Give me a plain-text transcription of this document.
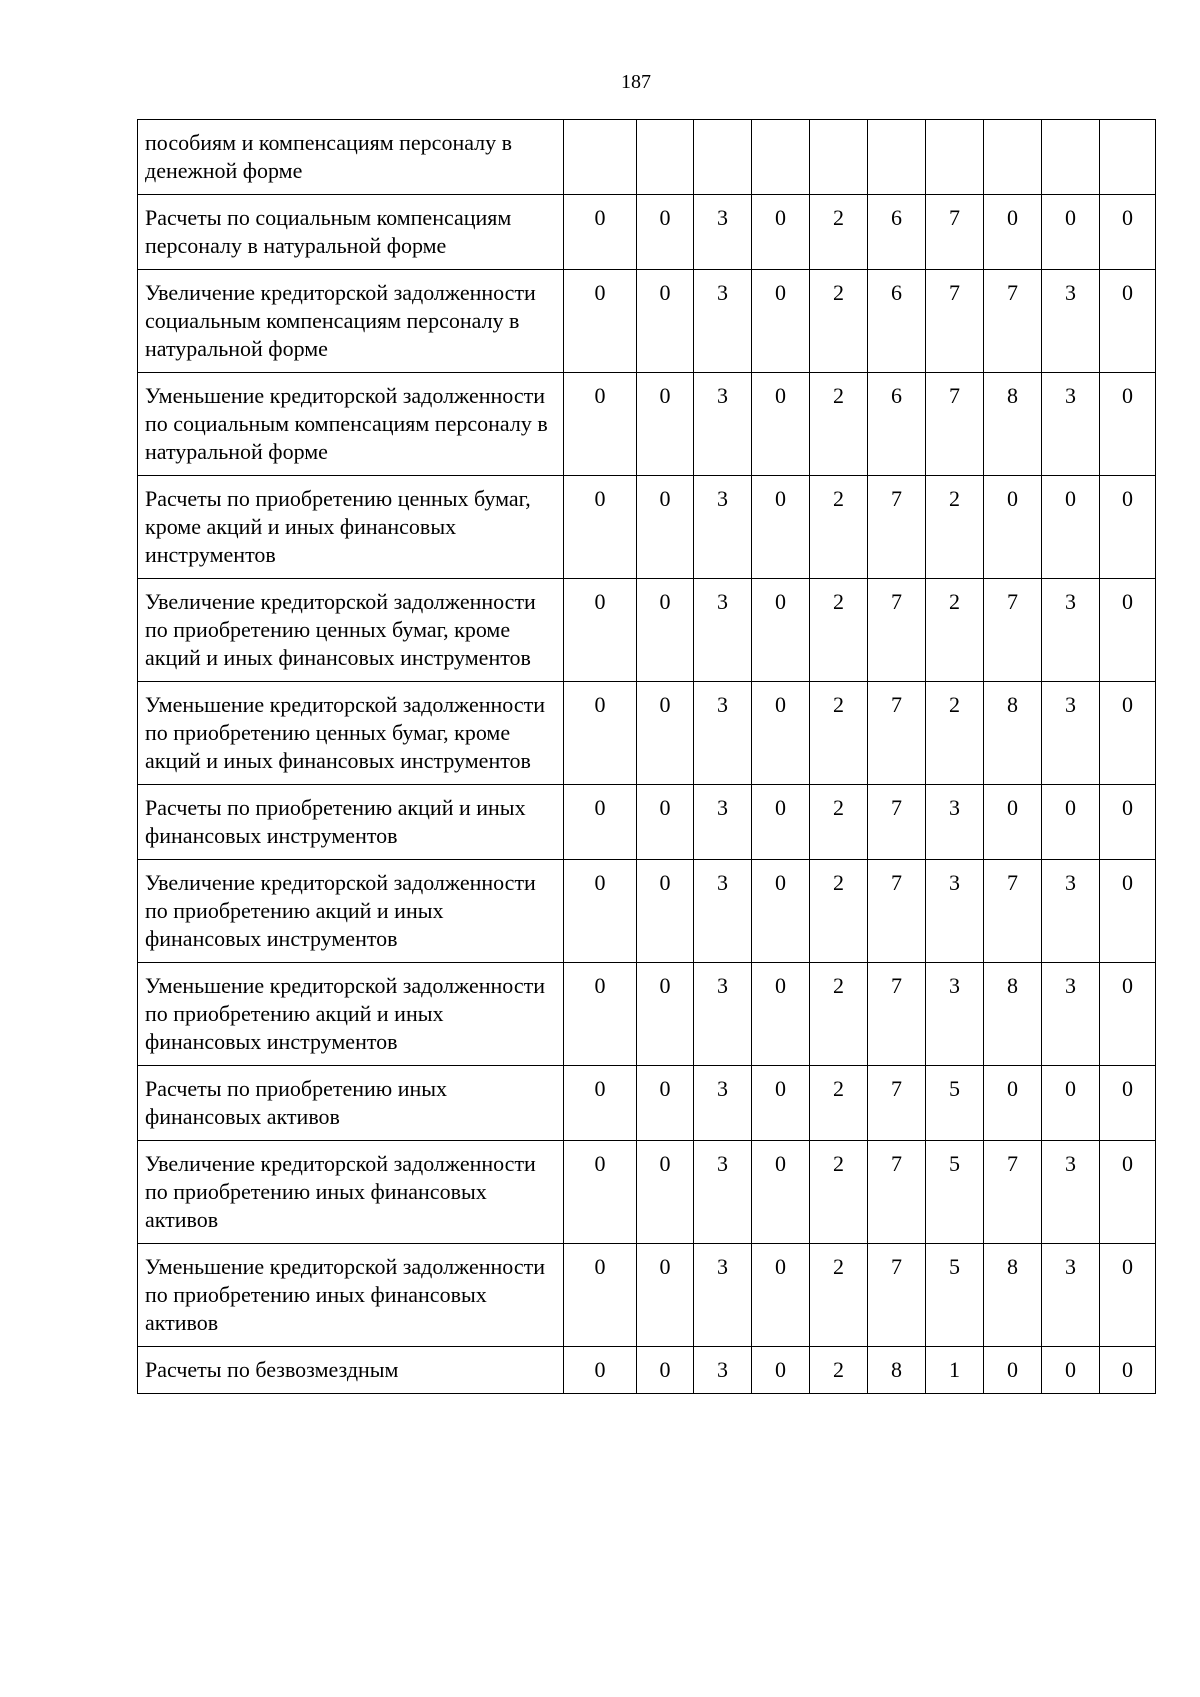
187
пособиям и компенсациям персоналу в денежной форме										
Расчеты по социальным компенсациям персоналу в натуральной форме	0	0	3	0	2	6	7	0	0	0
Увеличение кредиторской задолженности социальным компенсациям персоналу в натуральной форме	0	0	3	0	2	6	7	7	3	0
Уменьшение кредиторской задолженности по социальным компенсациям персоналу в натуральной форме	0	0	3	0	2	6	7	8	3	0
Расчеты по приобретению ценных бумаг, кроме акций и иных финансовых инструментов	0	0	3	0	2	7	2	0	0	0
Увеличение кредиторской задолженности по приобретению ценных бумаг, кроме акций и иных финансовых инструментов	0	0	3	0	2	7	2	7	3	0
Уменьшение кредиторской задолженности по приобретению ценных бумаг, кроме акций и иных финансовых инструментов	0	0	3	0	2	7	2	8	3	0
Расчеты по приобретению акций и иных финансовых инструментов	0	0	3	0	2	7	3	0	0	0
Увеличение кредиторской задолженности по приобретению акций и иных финансовых инструментов	0	0	3	0	2	7	3	7	3	0
Уменьшение кредиторской задолженности по приобретению акций и иных финансовых инструментов	0	0	3	0	2	7	3	8	3	0
Расчеты по приобретению иных финансовых активов	0	0	3	0	2	7	5	0	0	0
Увеличение кредиторской задолженности по приобретению иных финансовых активов	0	0	3	0	2	7	5	7	3	0
Уменьшение кредиторской задолженности по приобретению иных финансовых активов	0	0	3	0	2	7	5	8	3	0
Расчеты по безвозмездным	0	0	3	0	2	8	1	0	0	0
